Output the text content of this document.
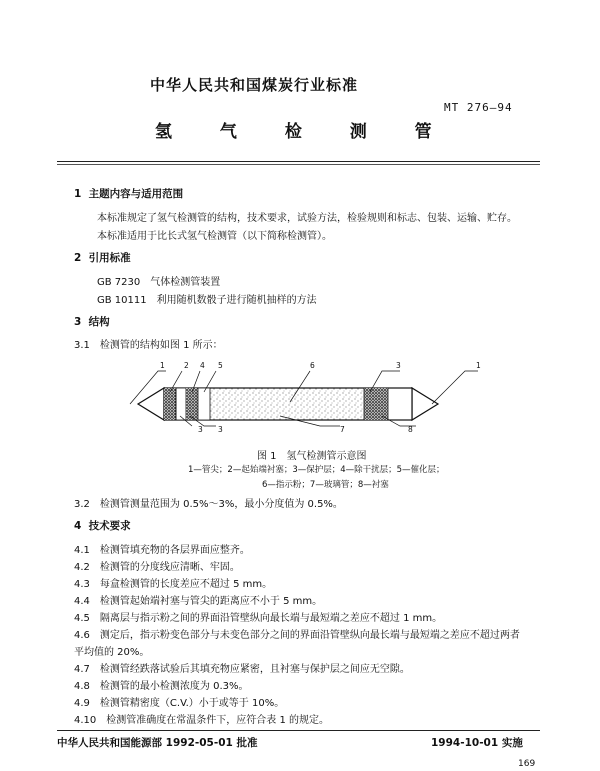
中华人民共和国煤炭行业标准
MT 276—94
氢 气 检 测 管
1 主题内容与适用范围
本标准规定了氢气检测管的结构，技术要求，试验方法，检验规则和标志、包装、运输、贮存。
本标准适用于比长式氢气检测管（以下简称检测管）。
2 引用标准
GB 7230　气体检测管装置
GB 10111　利用随机数骰子进行随机抽样的方法
3 结构
3.1　检测管的结构如图 1 所示：
1	2 4 5	6	3	1
3 3	7	8
图 1　氢气检测管示意图
1—管尖；2—起始端衬塞；3—保护层；4—除干扰层；5—催化层；
6—指示粉；7—玻璃管；8—衬塞
3.2　检测管测量范围为 0.5%～3%，最小分度值为 0.5%。
4 技术要求
4.1　检测管填充物的各层界面应整齐。
4.2　检测管的分度线应清晰、牢固。
4.3　每盒检测管的长度差应不超过 5 mm。
4.4　检测管起始端衬塞与管尖的距离应不小于 5 mm。
4.5　隔离层与指示粉之间的界面沿管壁纵向最长端与最短端之差应不超过 1 mm。
4.6　测定后，指示粉变色部分与未变色部分之间的界面沿管壁纵向最长端与最短端之差应不超过两者
平均值的 20%。
4.7　检测管经跌落试验后其填充物应紧密，且衬塞与保护层之间应无空隙。
4.8　检测管的最小检测浓度为 0.3%。
4.9　检测管精密度（C.V.）小于或等于 10%。
4.10　检测管准确度在常温条件下，应符合表 1 的规定。
中华人民共和国能源部 1992-05-01 批准	1994-10-01 实施
169
